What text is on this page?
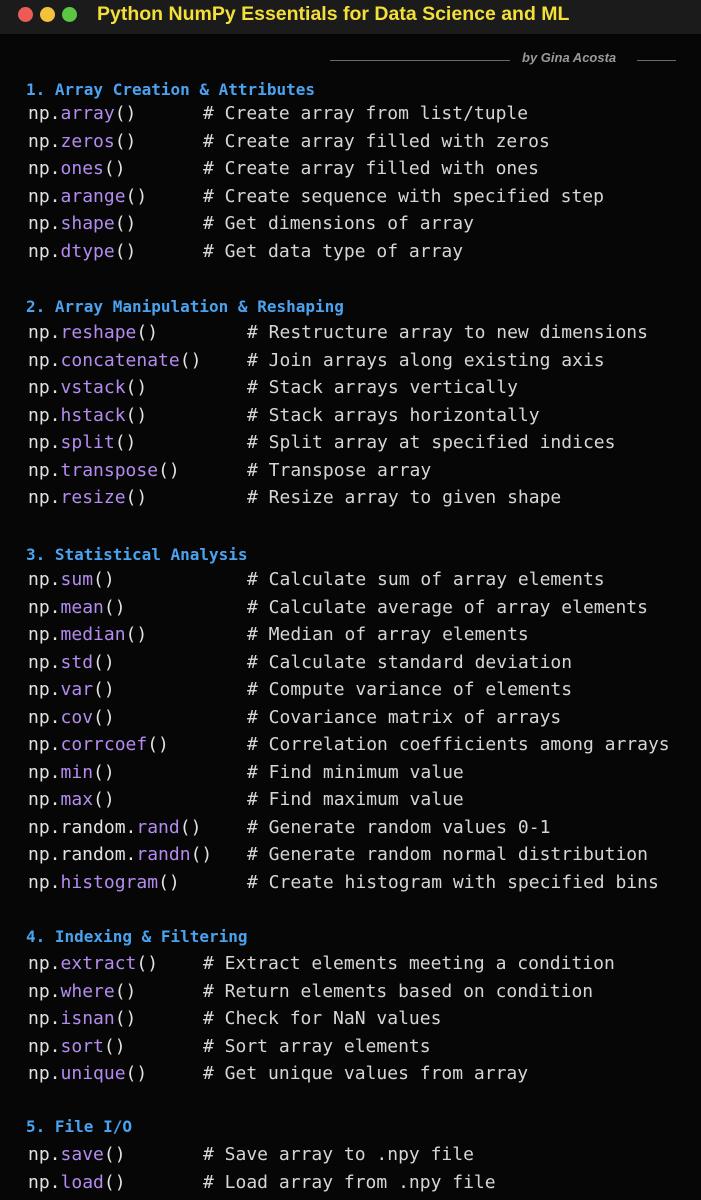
Python NumPy Essentials for Data Science and ML
by Gina Acosta
1. Array Creation & Attributes
np.array()	# Create array from list/tuple
np.zeros()	# Create array filled with zeros
np.ones()	# Create array filled with ones
np.arange()	# Create sequence with specified step
np.shape()	# Get dimensions of array
np.dtype()	# Get data type of array
2. Array Manipulation & Reshaping
np.reshape()	# Restructure array to new dimensions
np.concatenate()	# Join arrays along existing axis
np.vstack()	# Stack arrays vertically
np.hstack()	# Stack arrays horizontally
np.split()	# Split array at specified indices
np.transpose()	# Transpose array
np.resize()	# Resize array to given shape
3. Statistical Analysis
np.sum()	# Calculate sum of array elements
np.mean()	# Calculate average of array elements
np.median()	# Median of array elements
np.std()	# Calculate standard deviation
np.var()	# Compute variance of elements
np.cov()	# Covariance matrix of arrays
np.corrcoef()	# Correlation coefficients among arrays
np.min()	# Find minimum value
np.max()	# Find maximum value
np.random.rand()	# Generate random values 0-1
np.random.randn() # Generate random normal distribution
np.histogram()	# Create histogram with specified bins
4. Indexing & Filtering
np.extract() # Extract elements meeting a condition
np.where()	# Return elements based on condition
np.isnan()	# Check for NaN values
np.sort()	# Sort array elements
np.unique()	# Get unique values from array
5. File I/O
np.save()	# Save array to .npy file
np.load()	# Load array from .npy file
